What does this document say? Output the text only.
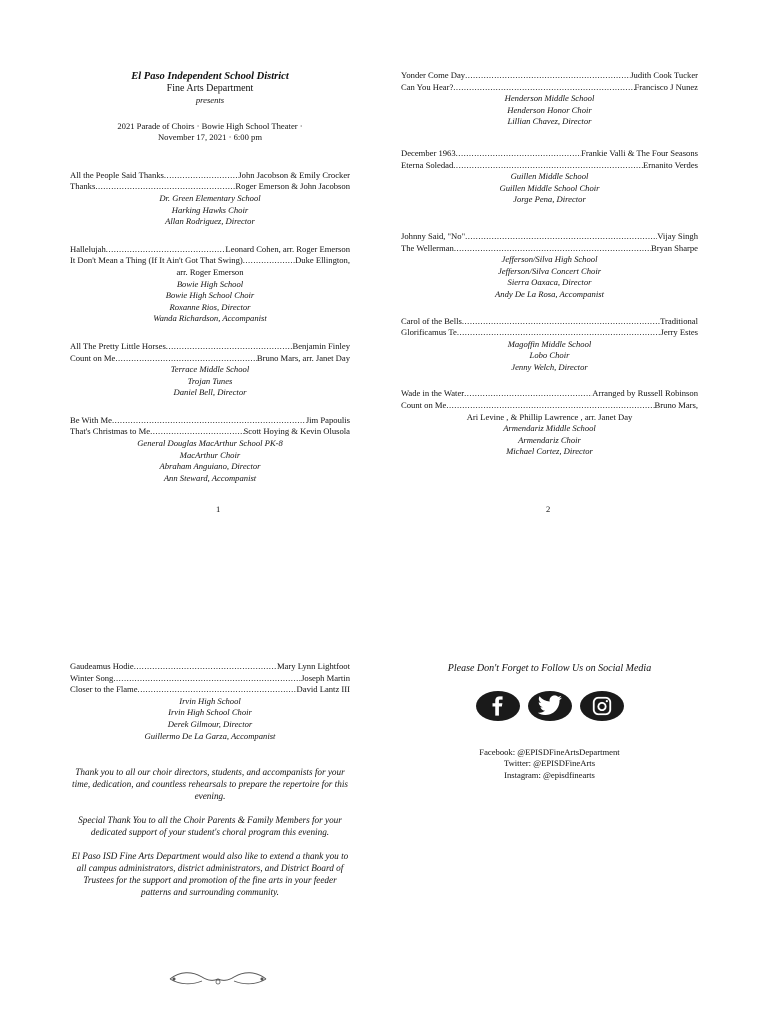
El Paso Independent School District
Fine Arts Department
presents
2021 Parade of Choirs · Bowie High School Theater ·
November 17, 2021 · 6:00 pm
All the People Said Thanks .....	John Jacobson & Emily Crocker
Thanks .....	Roger Emerson & John Jacobson
Dr. Green Elementary School
Harking Hawks Choir
Allan Rodriguez, Director
Hallelujah .....	Leonard Cohen, arr. Roger Emerson
It Don't Mean a Thing (If It Ain't Got That Swing) .....	Duke Ellington,
arr. Roger Emerson
Bowie High School
Bowie High School Choir
Roxanne Rios, Director
Wanda Richardson, Accompanist
All The Pretty Little Horses .....	Benjamin Finley
Count on Me .....	Bruno Mars, arr. Janet Day
Terrace Middle School
Trojan Tunes
Daniel Bell, Director
Be With Me .....	Jim Papoulis
That's Christmas to Me .....	Scott Hoying & Kevin Olusola
General Douglas MacArthur School PK-8
MacArthur Choir
Abraham Anguiano, Director
Ann Steward, Accompanist
1
Yonder Come Day .....	Judith Cook Tucker
Can You Hear? .....	Francisco J Nunez
Henderson Middle School
Henderson Honor Choir
Lillian Chavez, Director
December 1963 .....	Frankie Valli & The Four Seasons
Eterna Soledad .....	Ernanito Verdes
Guillen Middle School
Guillen Middle School Choir
Jorge Pena, Director
Johnny Said, "No" .....	Vijay Singh
The Wellerman .....	Bryan Sharpe
Jefferson/Silva High School
Jefferson/Silva Concert Choir
Sierra Oaxaca, Director
Andy De La Rosa, Accompanist
Carol of the Bells .....	Traditional
Glorificamus Te .....	Jerry Estes
Magoffin Middle School
Lobo Choir
Jenny Welch, Director
Wade in the Water .....	Arranged by Russell Robinson
Count on Me .....	Bruno Mars,
Ari Levine , & Phillip Lawrence , arr. Janet Day
Armendariz Middle School
Armendariz Choir
Michael Cortez, Director
2
Gaudeamus Hodie .....	Mary Lynn Lightfoot
Winter Song .....	Joseph Martin
Closer to the Flame .....	David Lantz III
Irvin High School
Irvin High School Choir
Derek Gilmour, Director
Guillermo De La Garza, Accompanist

Thank you to all our choir directors, students, and accompanists for your time, dedication, and countless rehearsals to prepare the repertoire for this evening.

Special Thank You to all the Choir Parents & Family Members for your dedicated support of your student's choral program this evening.

El Paso ISD Fine Arts Department would also like to extend a thank you to all campus administrators, district administrators, and District Board of Trustees for the support and promotion of the fine arts in your feeder patterns and surrounding community.

Please Don't Forget to Follow Us on Social Media
Facebook: @EPISDFineArtsDepartment
Twitter: @EPISDFineArts
Instagram: @episdfinearts
